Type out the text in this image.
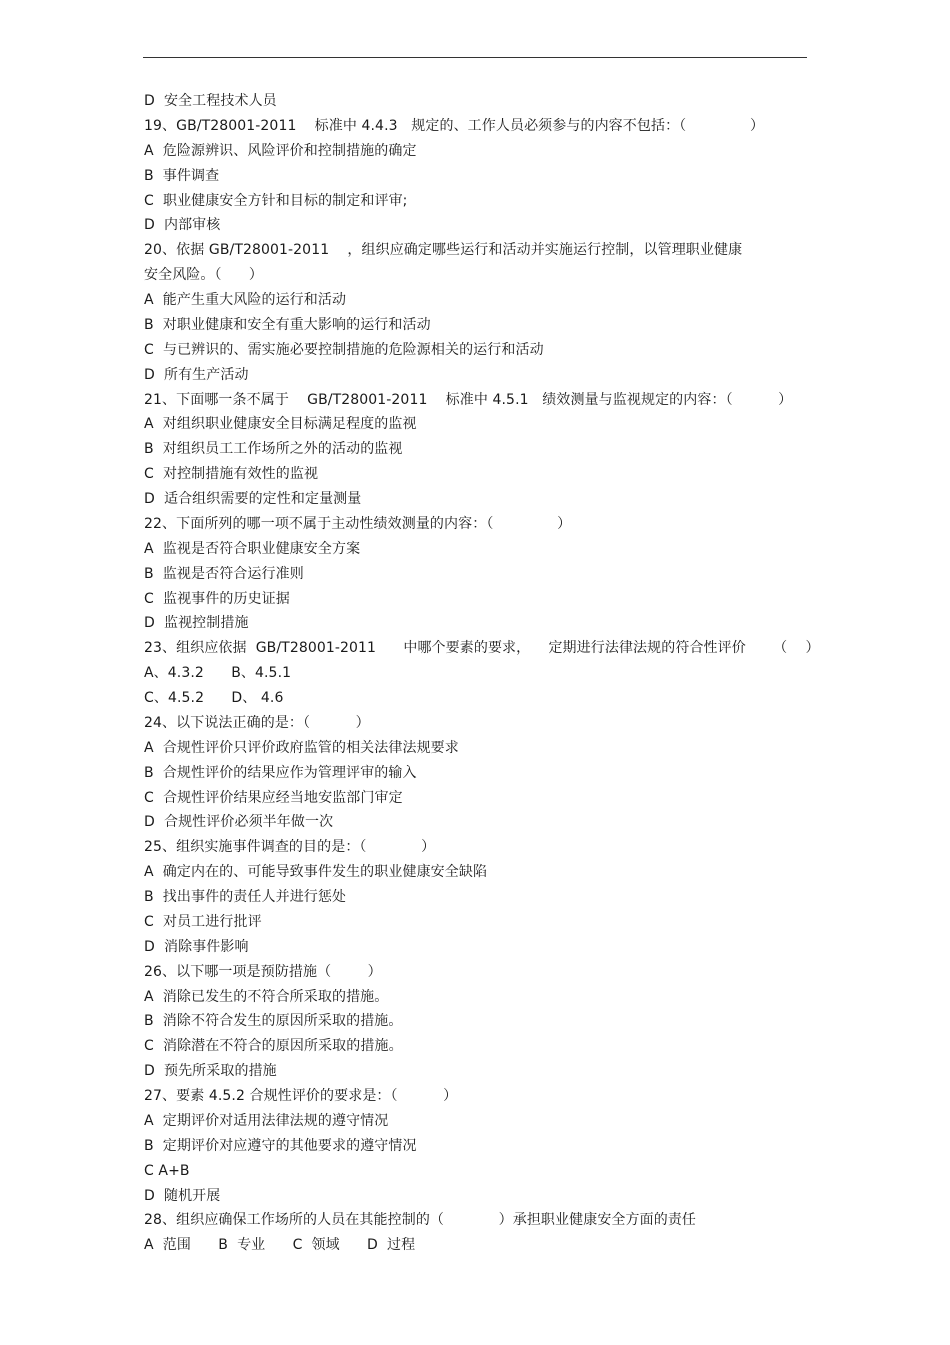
D  安全工程技术人员
19、GB/T28001-2011    标准中 4.4.3   规定的、工作人员必须参与的内容不包括：（              ）
A  危险源辨识、风险评价和控制措施的确定
B  事件调查
C  职业健康安全方针和目标的制定和评审;
D  内部审核
20、依据 GB/T28001-2011    ，组织应确定哪些运行和活动并实施运行控制，以管理职业健康
安全风险。（      ）
A  能产生重大风险的运行和活动
B  对职业健康和安全有重大影响的运行和活动
C  与已辨识的、需实施必要控制措施的危险源相关的运行和活动
D  所有生产活动
21、下面哪一条不属于    GB/T28001-2011    标准中 4.5.1   绩效测量与监视规定的内容：（          ）
A  对组织职业健康安全目标满足程度的监视
B  对组织员工工作场所之外的活动的监视
C  对控制措施有效性的监视
D  适合组织需要的定性和定量测量
22、下面所列的哪一项不属于主动性绩效测量的内容：（              ）
A  监视是否符合职业健康安全方案
B  监视是否符合运行准则
C  监视事件的历史证据
D  监视控制措施
23、组织应依据  GB/T28001-2011      中哪个要素的要求，    定期进行法律法规的符合性评价      （    ）
A、4.3.2      B、4.5.1
C、4.5.2      D、 4.6
24、以下说法正确的是：（          ）
A  合规性评价只评价政府监管的相关法律法规要求
B  合规性评价的结果应作为管理评审的输入
C  合规性评价结果应经当地安监部门审定
D  合规性评价必须半年做一次
25、组织实施事件调查的目的是：（            ）
A  确定内在的、可能导致事件发生的职业健康安全缺陷
B  找出事件的责任人并进行惩处
C  对员工进行批评
D  消除事件影响
26、以下哪一项是预防措施（        ）
A  消除已发生的不符合所采取的措施。
B  消除不符合发生的原因所采取的措施。
C  消除潜在不符合的原因所采取的措施。
D  预先所采取的措施
27、要素 4.5.2 合规性评价的要求是：（          ）
A  定期评价对适用法律法规的遵守情况
B  定期评价对应遵守的其他要求的遵守情况
C A+B
D  随机开展
28、组织应确保工作场所的人员在其能控制的（            ）承担职业健康安全方面的责任
A  范围      B  专业      C  领域      D  过程
